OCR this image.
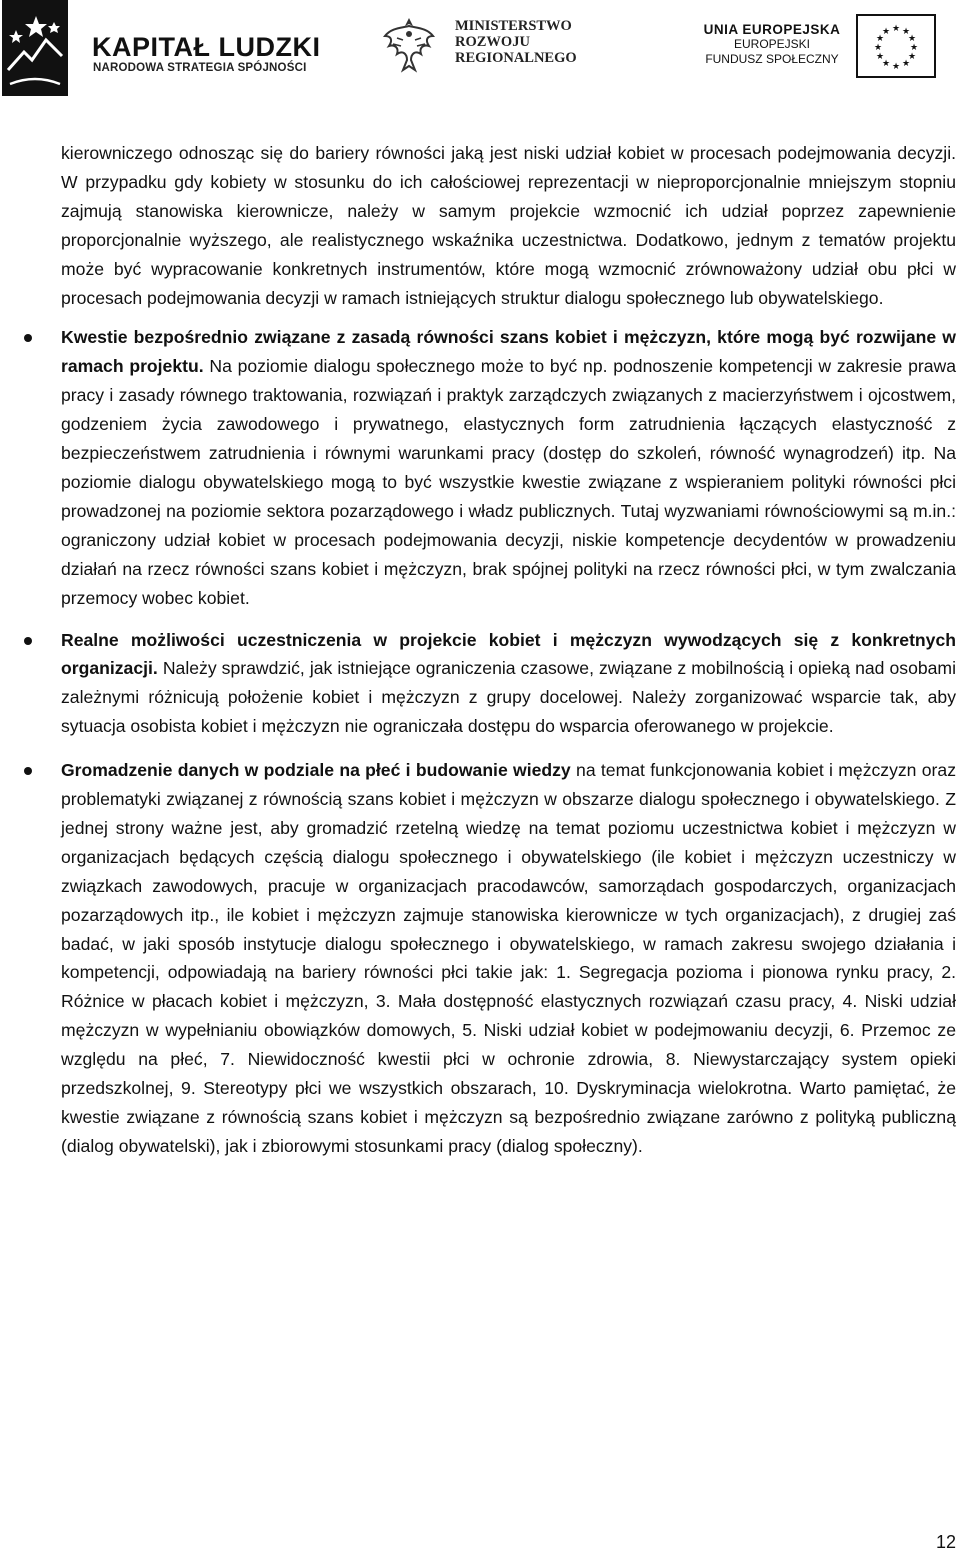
KAPITAŁ LUDZKI
NARODOWA STRATEGIA SPÓJNOŚCI
MINISTERSTWO
ROZWOJU
REGIONALNEGO
UNIA EUROPEJSKA
EUROPEJSKI
FUNDUSZ SPOŁECZNY
★ ★
★
★
★
★
★
★
★
★
★
★

kierowniczego odnosząc się do bariery równości jaką jest niski udział kobiet w procesach podejmowania decyzji. W przypadku gdy kobiety w stosunku do ich całościowej reprezentacji w nieproporcjonalnie mniejszym stopniu zajmują stanowiska kierownicze, należy w samym projekcie wzmocnić ich udział poprzez zapewnienie proporcjonalnie wyższego, ale realistycznego wskaźnika uczestnictwa. Dodatkowo, jednym z tematów projektu może być wypracowanie konkretnych instrumentów, które mogą wzmocnić zrównoważony udział obu płci w procesach podejmowania decyzji w ramach istniejących struktur dialogu społecznego lub obywatelskiego.

Kwestie bezpośrednio związane z zasadą równości szans kobiet i mężczyzn, które mogą być rozwijane w ramach projektu. Na poziomie dialogu społecznego może to być np. podnoszenie kompetencji w zakresie prawa pracy i zasady równego traktowania, rozwiązań i praktyk zarządczych związanych z macierzyństwem i ojcostwem, godzeniem życia zawodowego i prywatnego, elastycznych form zatrudnienia łączących elastyczność z bezpieczeństwem zatrudnienia i równymi warunkami pracy (dostęp do szkoleń, równość wynagrodzeń) itp. Na poziomie dialogu obywatelskiego mogą to być wszystkie kwestie związane z wspieraniem polityki równości płci prowadzonej na poziomie sektora pozarządowego i władz publicznych. Tutaj wyzwaniami równościowymi są m.in.: ograniczony udział kobiet w procesach podejmowania decyzji, niskie kompetencje decydentów w prowadzeniu działań na rzecz równości szans kobiet i mężczyzn, brak spójnej polityki na rzecz równości płci, w tym zwalczania przemocy wobec kobiet.

Realne możliwości uczestniczenia w projekcie kobiet i mężczyzn wywodzących się z konkretnych organizacji. Należy sprawdzić, jak istniejące ograniczenia czasowe, związane z mobilnością i opieką nad osobami zależnymi różnicują położenie kobiet i mężczyzn z grupy docelowej. Należy zorganizować wsparcie tak, aby sytuacja osobista kobiet i mężczyzn nie ograniczała dostępu do wsparcia oferowanego w projekcie.

Gromadzenie danych w podziale na płeć i budowanie wiedzy na temat funkcjonowania kobiet i mężczyzn oraz problematyki związanej z równością szans kobiet i mężczyzn w obszarze dialogu społecznego i obywatelskiego. Z jednej strony ważne jest, aby gromadzić rzetelną wiedzę na temat poziomu uczestnictwa kobiet i mężczyzn w organizacjach będących częścią dialogu społecznego i obywatelskiego (ile kobiet i mężczyzn uczestniczy w związkach zawodowych, pracuje w organizacjach pracodawców, samorządach gospodarczych, organizacjach pozarządowych itp., ile kobiet i mężczyzn zajmuje stanowiska kierownicze w tych organizacjach), z drugiej zaś badać, w jaki sposób instytucje dialogu społecznego i obywatelskiego, w ramach zakresu swojego działania i kompetencji, odpowiadają na bariery równości płci takie jak: 1. Segregacja pozioma i pionowa rynku pracy, 2. Różnice w płacach kobiet i mężczyzn, 3. Mała dostępność elastycznych rozwiązań czasu pracy, 4. Niski udział mężczyzn w wypełnianiu obowiązków domowych, 5. Niski udział kobiet w podejmowaniu decyzji, 6. Przemoc ze względu na płeć, 7. Niewidoczność kwestii płci w ochronie zdrowia, 8. Niewystarczający system opieki przedszkolnej, 9. Stereotypy płci we wszystkich obszarach, 10. Dyskryminacja wielokrotna. Warto pamiętać, że kwestie związane z równością szans kobiet i mężczyzn są bezpośrednio związane zarówno z polityką publiczną (dialog obywatelski), jak i zbiorowymi stosunkami pracy (dialog społeczny).

12
